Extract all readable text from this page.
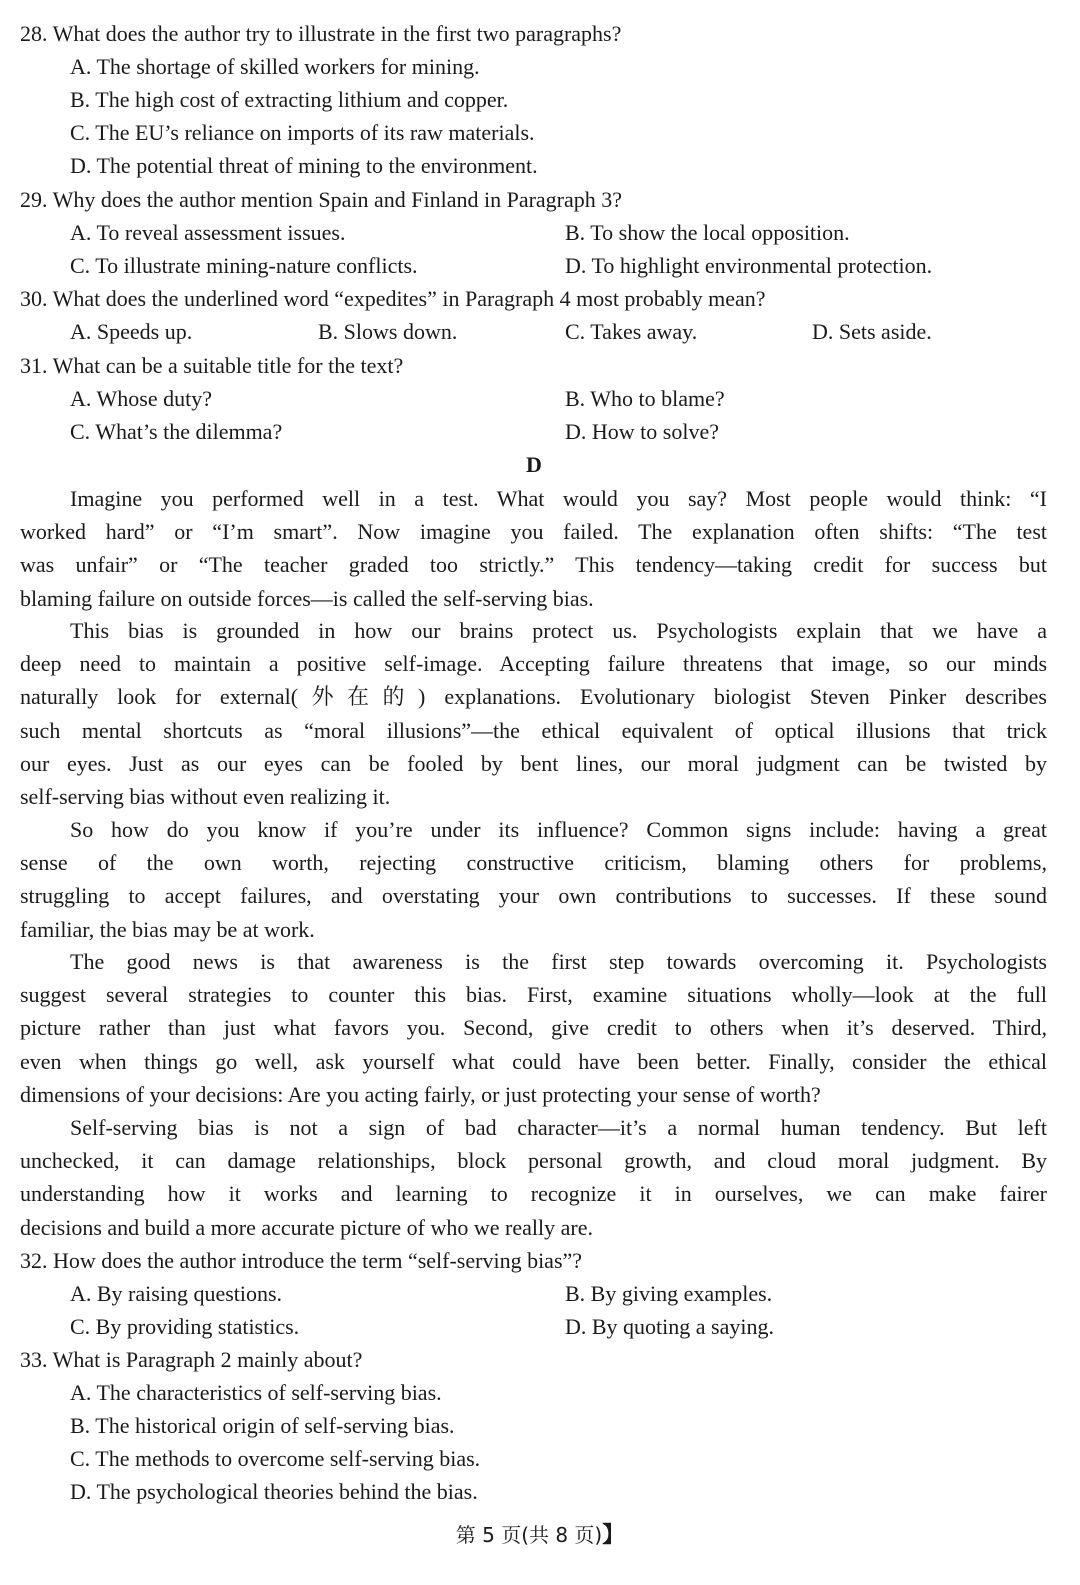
28. What does the author try to illustrate in the first two paragraphs?
A. The shortage of skilled workers for mining.
B. The high cost of extracting lithium and copper.
C. The EU’s reliance on imports of its raw materials.
D. The potential threat of mining to the environment.
29. Why does the author mention Spain and Finland in Paragraph 3?
A. To reveal assessment issues.	B. To show the local opposition.
C. To illustrate mining-nature conflicts.	D. To highlight environmental protection.
30. What does the underlined word “expedites” in Paragraph 4 most probably mean?
A. Speeds up.	B. Slows down.	C. Takes away.	D. Sets aside.
31. What can be a suitable title for the text?
A. Whose duty?	B. Who to blame?
C. What’s the dilemma?	D. How to solve?
D
Imagine you performed well in a test. What would you say? Most people would think: “I
worked hard” or “I’m smart”. Now imagine you failed. The explanation often shifts: “The test
was unfair” or “The teacher graded too strictly.” This tendency—taking credit for success but
blaming failure on outside forces—is called the self-serving bias.
This bias is grounded in how our brains protect us. Psychologists explain that we have a
deep need to maintain a positive self-image. Accepting failure threatens that image, so our minds
naturally look for external(外在的) explanations. Evolutionary biologist Steven Pinker describes
such mental shortcuts as “moral illusions”—the ethical equivalent of optical illusions that trick
our eyes. Just as our eyes can be fooled by bent lines, our moral judgment can be twisted by
self-serving bias without even realizing it.
So how do you know if you’re under its influence? Common signs include: having a great
sense of the own worth, rejecting constructive criticism, blaming others for problems,
struggling to accept failures, and overstating your own contributions to successes. If these sound
familiar, the bias may be at work.
The good news is that awareness is the first step towards overcoming it. Psychologists
suggest several strategies to counter this bias. First, examine situations wholly—look at the full
picture rather than just what favors you. Second, give credit to others when it’s deserved. Third,
even when things go well, ask yourself what could have been better. Finally, consider the ethical
dimensions of your decisions: Are you acting fairly, or just protecting your sense of worth?
Self-serving bias is not a sign of bad character—it’s a normal human tendency. But left
unchecked, it can damage relationships, block personal growth, and cloud moral judgment. By
understanding how it works and learning to recognize it in ourselves, we can make fairer
decisions and build a more accurate picture of who we really are.
32. How does the author introduce the term “self-serving bias”?
A. By raising questions.	B. By giving examples.
C. By providing statistics.	D. By quoting a saying.
33. What is Paragraph 2 mainly about?
A. The characteristics of self-serving bias.
B. The historical origin of self-serving bias.
C. The methods to overcome self-serving bias.
D. The psychological theories behind the bias.
第 5 页(共 8 页)】
